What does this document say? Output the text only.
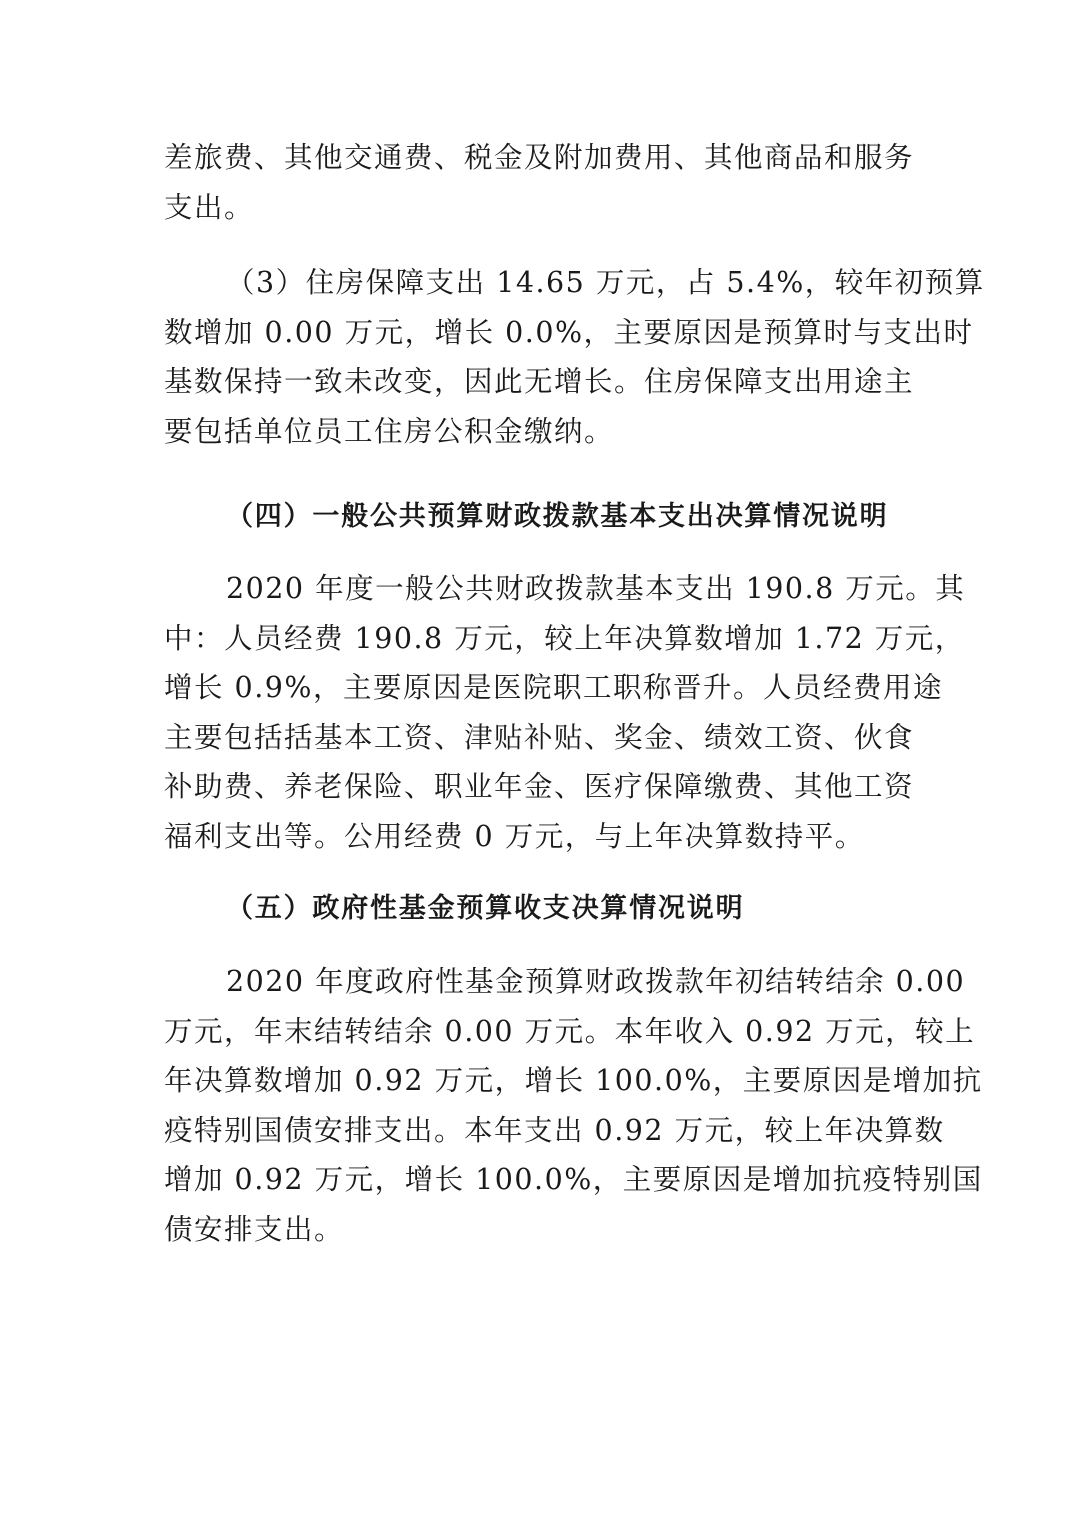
差旅费、其他交通费、税金及附加费用、其他商品和服务
支出。
（3）住房保障支出 14.65 万元，占 5.4%，较年初预算
数增加 0.00 万元，增长 0.0%，主要原因是预算时与支出时
基数保持一致未改变，因此无增长。住房保障支出用途主
要包括单位员工住房公积金缴纳。
（四）一般公共预算财政拨款基本支出决算情况说明
2020 年度一般公共财政拨款基本支出 190.8 万元。其
中：人员经费 190.8 万元，较上年决算数增加 1.72 万元，
增长 0.9%，主要原因是医院职工职称晋升。人员经费用途
主要包括括基本工资、津贴补贴、奖金、绩效工资、伙食
补助费、养老保险、职业年金、医疗保障缴费、其他工资
福利支出等。公用经费 0 万元，与上年决算数持平。
（五）政府性基金预算收支决算情况说明
2020 年度政府性基金预算财政拨款年初结转结余 0.00
万元，年末结转结余 0.00 万元。本年收入 0.92 万元，较上
年决算数增加 0.92 万元，增长 100.0%，主要原因是增加抗
疫特别国债安排支出。本年支出 0.92 万元，较上年决算数
增加 0.92 万元，增长 100.0%，主要原因是增加抗疫特别国
债安排支出。
